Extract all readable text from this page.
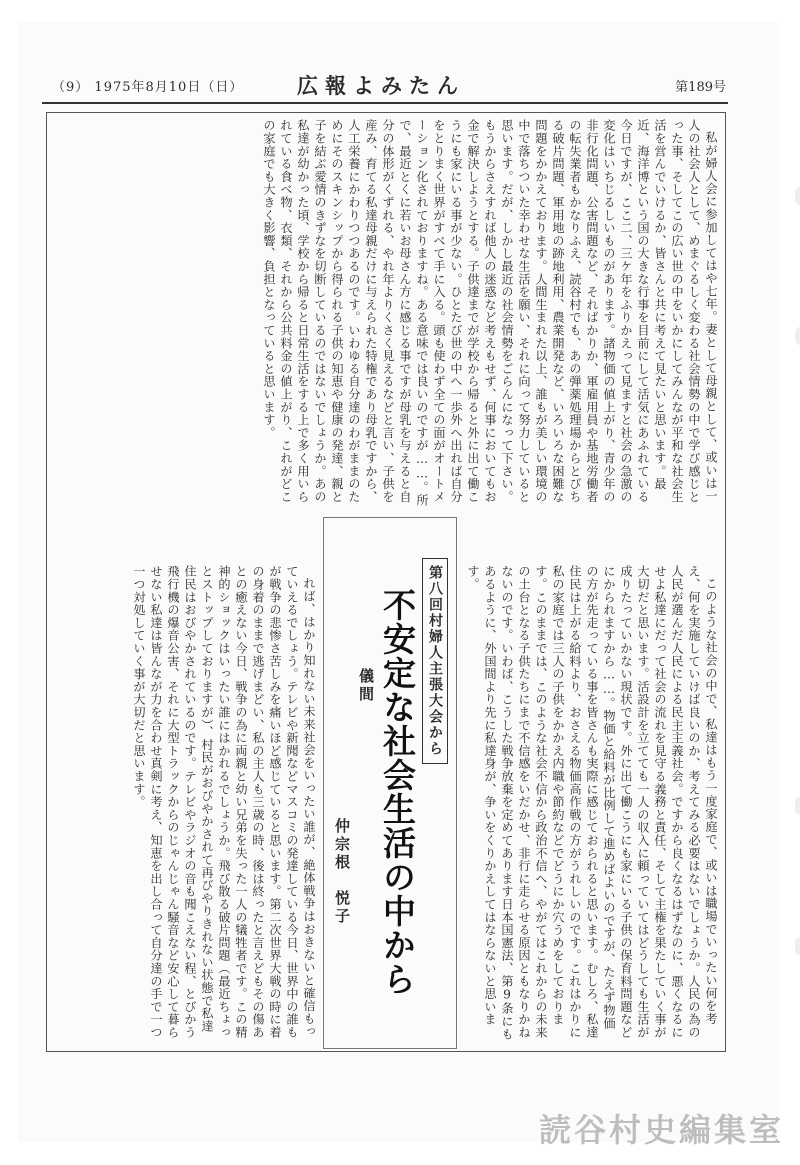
（9） 1975年8月10日（日）	広報よみたん	第189号

私が婦人会に参加してはや七年。妻として母親として、或いは一人の社会人として、めまぐるしく変わる社会情勢の中で学び感じとった事、そしてこの広い世の中をいかにしてみんなが平和な社会生活を営んでいけるか、皆さんと共に考えて見たいと思います。最近、海洋博という国の大きな行事を目前にして活気にあふれている今日ですが、ここ二、三ケ年をふりかえって見ますと社会の急激の変化はいちじるしいものがあります。諸物価の値上がり、青少年の非行化問題、公害問題など、そればかりか、軍雇用員や基地労働者の転失業者もかなりふえ、読谷村でも、あの弾薬処理場からとびちる破片問題、軍用地の跡地利用、農業開発など、いろいろな困難な問題をかかえております。人間生まれた以上、誰もが美しい環境の中で落ちついた幸わせな生活を願い、それに向って努力していると思います。だが、しかし最近の社会情勢をごらんになって下さい。もうからさえすれば他人の迷惑など考えもせず、何事においてもお金で解決しようとする。子供達までが学校から帰ると外に出て働こうにも家にいる事が少ない。ひとたび世の中へ一歩外へ出れば自分をとりまく世界がすべて手に入る。頭も使わず全ての面がオートメーション化されておりますね。ある意味では良いのですが……。所で、最近とくに若いお母さん方に感じる事ですが母乳を与えると自分の体形がくずれる、やれ年よりくさく見えるなどと言い、子供を産み、育てる私達母親だけに与えられた特権であり母乳ですから、人工栄養にかわりつつあるのです。いわゆる自分達のわがままのためにそのスキンシップから得られる子供の知恵や健康の発達、親と子を結ぶ愛情のきずなを切断しているのではないでしょうか。あの私達が幼かった頃、学校から帰ると日常生活をする上で多く用いられている食べ物、衣類、それから公共料金の値上がり、これがどこの家庭でも大きく影響、負担となっていると思います。

このような社会の中で、私達はもう一度家庭で、或いは職場でいったい何を考え、何を実施していけば良いのか、考えてみる必要はないでしょうか。人民の為の人民が選んだ人民による民主主義社会。ですから良くなるはずなのに、悪くなるにせよ私達にだって社会の流れを見守る義務と責任、そして主権を果たしていく事が大切だと思います。活設計を立てても一人の収入に頼っていてはどうしても生活が成りたっていかない現状です。外に出て働こうにも家にいる子供の保育料問題などにかられますから……。物価と給料が比例して進めばよいのですが、たえず物価の方が先走っている事を皆さんも実際に感じておられると思います。むしろ、私達住民は上がる給料より、おさえる物価高作戦の方がうれしいのです。これはかりに私の家庭では三人の子供をかかえ内職や節約などでどうにか穴うめをしております。このままでは、このような社会不信から政治不信へ、やがてはこれからの未来の土台となる子供たちにまで不信感をいだかせ、非行に走らせる原因ともなりかねないのです。いわば、こうした戦争放棄を定めてあります日本国憲法、第9条にもあるように、外国間より先に私達身が、争いをくりかえしてはならないと思います。

第八回村婦人主張大会から
不安定な社会生活の中から
儀間
仲宗根　悦子

れば、はかり知れない未来社会をいったい誰が、絶体戦争はおきないと確信もっていえるでしょう。テレビや新聞などマスコミの発達している今日、世界中の誰もが戦争の悲惨さ苦しみを痛いほど感じていると思います。第二次世界大戦の時に着の身着のままで逃げまどい、私の主人も三歳の時、後は終ったと言えどもその傷あとの癒えない今日、戦争の為に両親と幼い兄弟を失った一人の犠牲者です。この精神的ショックはいったい誰にはかれるでしょうか。飛び散る破片問題（最近ちょっとストップしておりますが）、村民がおびやかされて再びやりきれない状態で私達住民はおびやかされているのです。テレビやラジオの音も聞こえない程、とびかう飛行機の爆音公害、それに大型トラックからのじゃんじゃん騒音など安心して暮らせない私達は皆んなが力を合わせ真剣に考え、知恵を出し合って自分達の手で一つ一つ対処していく事が大切だと思います。

読谷村史編集室
